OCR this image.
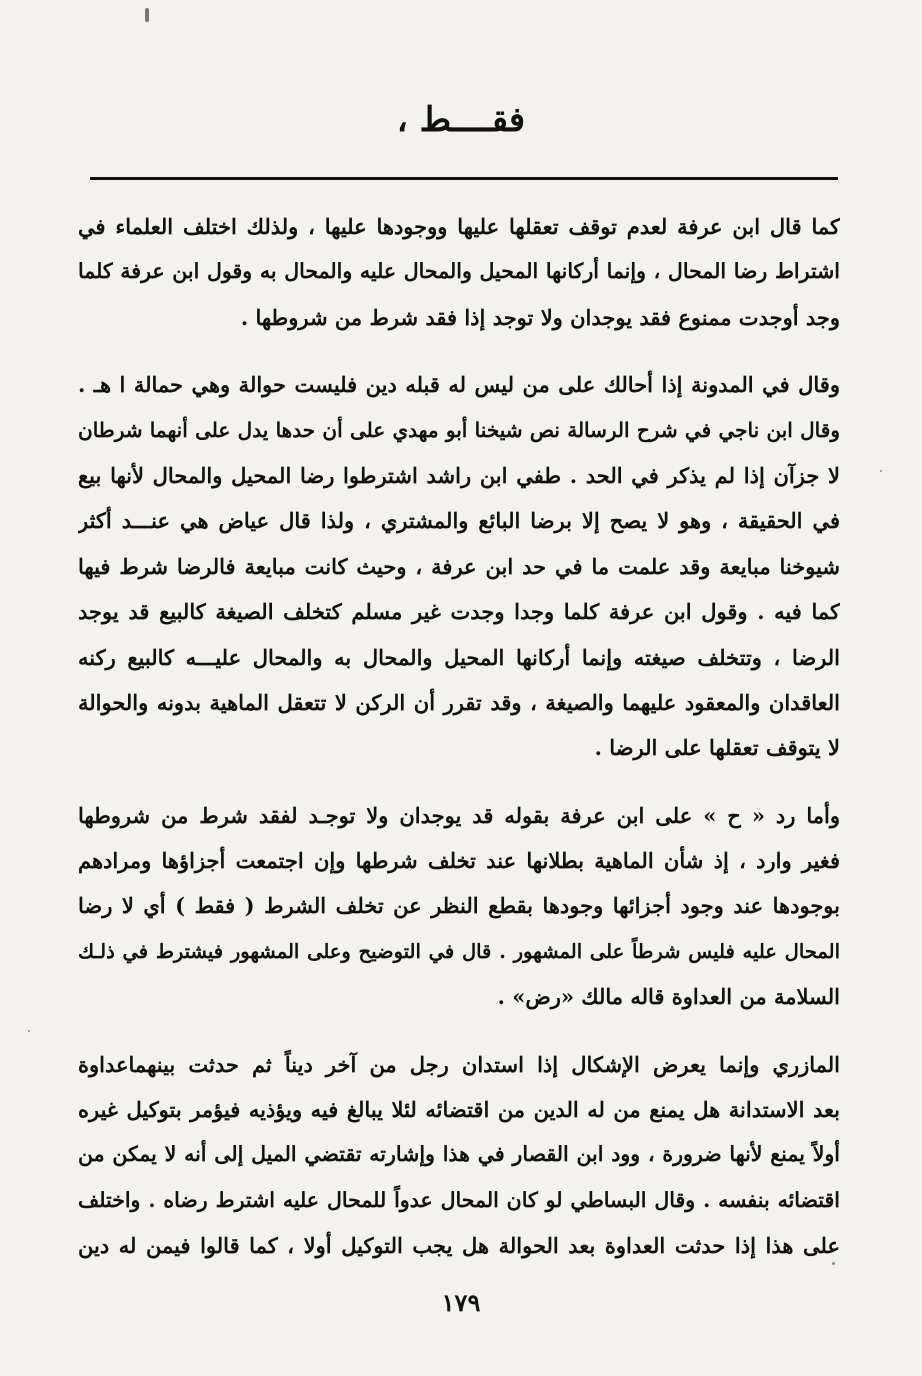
فقــــط ،
كما قال ابن عرفة لعدم توقف تعقلها عليها ووجودها عليها ، ولذلك اختلف العلماء في
اشتراط رضا المحال ، وإنما أركانها المحيل والمحال عليه والمحال به وقول ابن عرفة كلما
وجد أوجدت ممنوع فقد يوجدان ولا توجد إذا فقد شرط من شروطها .
وقال في المدونة إذا أحالك على من ليس له قبله دين فليست حوالة وهي حمالة ا هـ .
وقال ابن ناجي في شرح الرسالة نص شيخنا أبو مهدي على أن حدها يدل على أنهما شرطان
لا جزآن إذا لم يذكر في الحد . طفي ابن راشد اشترطوا رضا المحيل والمحال لأنها بيع
في الحقيقة ، وهو لا يصح إلا برضا البائع والمشتري ، ولذا قال عياض هي عنـــد أكثر
شيوخنا مبايعة وقد علمت ما في حد ابن عرفة ، وحيث كانت مبايعة فالرضا شرط فيها
كما فيه . وقول ابن عرفة كلما وجدا وجدت غير مسلم كتخلف الصيغة كالبيع قد يوجد
الرضا ، وتتخلف صيغته وإنما أركانها المحيل والمحال به والمحال عليـــه كالبيع ركنه
العاقدان والمعقود عليهما والصيغة ، وقد تقرر أن الركن لا تتعقل الماهية بدونه والحوالة
لا يتوقف تعقلها على الرضا .
وأما رد « ح » على ابن عرفة بقوله قد يوجدان ولا توجـد لفقد شرط من شروطها
فغير وارد ، إذ شأن الماهية بطلانها عند تخلف شرطها وإن اجتمعت أجزاؤها ومرادهم
بوجودها عند وجود أجزائها وجودها بقطع النظر عن تخلف الشرط ( فقط ) أي لا رضا
المحال عليه فليس شرطاً على المشهور . قال في التوضيح وعلى المشهور فيشترط في ذلـك
السلامة من العداوة قاله مالك «رض» .
المازري وإنما يعرض الإشكال إذا استدان رجل من آخر ديناً ثم حدثت بينهماعداوة
بعد الاستدانة هل يمنع من له الدين من اقتضائه لئلا يبالغ فيه ويؤذيه فيؤمر بتوكيل غيره
أولاً يمنع لأنها ضرورة ، وود ابن القصار في هذا وإشارته تقتضي الميل إلى أنه لا يمكن من
اقتضائه بنفسه . وقال البساطي لو كان المحال عدواً للمحال عليه اشترط رضاه . واختلف
على هذا إذا حدثت العداوة بعد الحوالة هل يجب التوكيل أولا ، كما قالوا فيمن له دين
١٧٩
